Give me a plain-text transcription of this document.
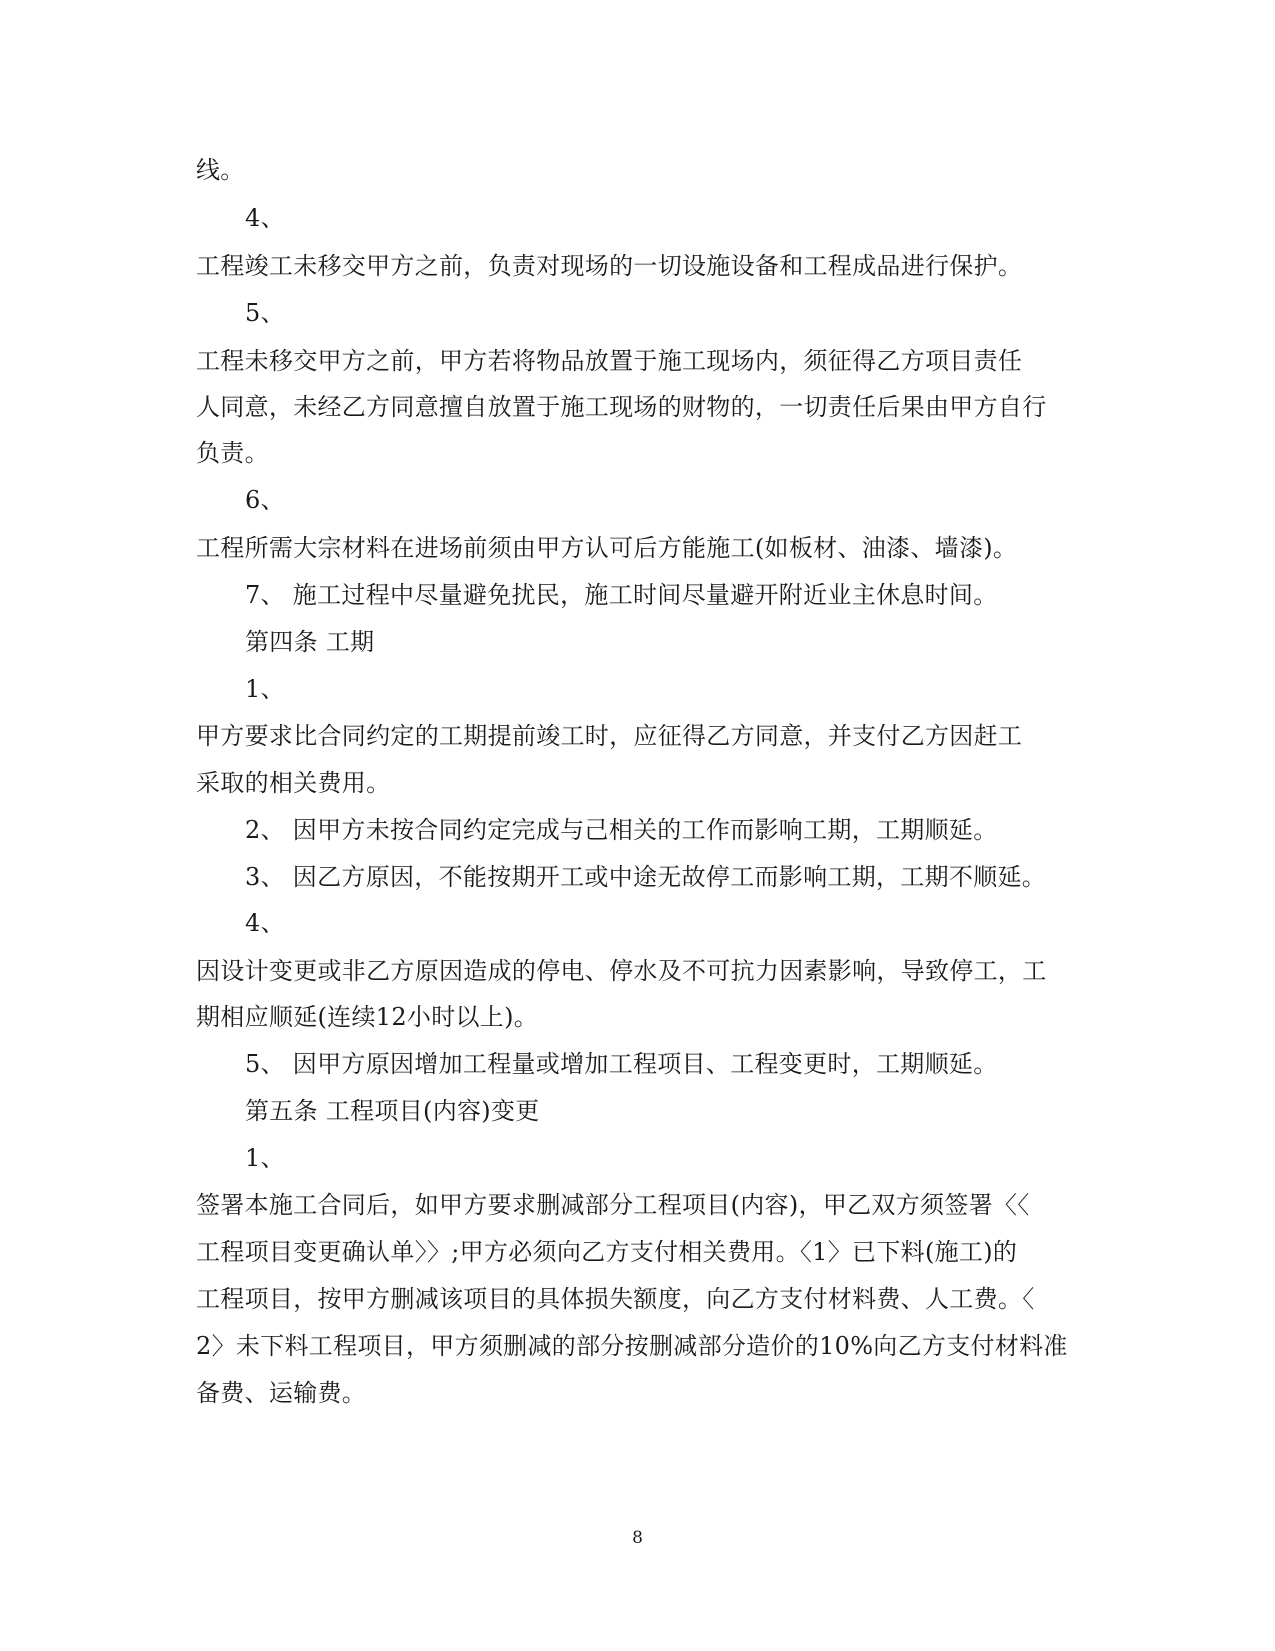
线。
4、
工程竣工未移交甲方之前，负责对现场的一切设施设备和工程成品进行保护。
5、
工程未移交甲方之前，甲方若将物品放置于施工现场内，须征得乙方项目责任
人同意，未经乙方同意擅自放置于施工现场的财物的，一切责任后果由甲方自行
负责。
6、
工程所需大宗材料在进场前须由甲方认可后方能施工(如板材、油漆、墙漆)。
7、 施工过程中尽量避免扰民，施工时间尽量避开附近业主休息时间。
第四条 工期
1、
甲方要求比合同约定的工期提前竣工时，应征得乙方同意，并支付乙方因赶工
采取的相关费用。
2、 因甲方未按合同约定完成与己相关的工作而影响工期，工期顺延。
3、 因乙方原因，不能按期开工或中途无故停工而影响工期，工期不顺延。
4、
因设计变更或非乙方原因造成的停电、停水及不可抗力因素影响，导致停工，工
期相应顺延(连续12小时以上)。
5、 因甲方原因增加工程量或增加工程项目、工程变更时，工期顺延。
第五条 工程项目(内容)变更
1、
签署本施工合同后，如甲方要求删减部分工程项目(内容)，甲乙双方须签署〈〈
工程项目变更确认单〉〉;甲方必须向乙方支付相关费用。〈1〉已下料(施工)的
工程项目，按甲方删减该项目的具体损失额度，向乙方支付材料费、人工费。〈
2〉未下料工程项目，甲方须删减的部分按删减部分造价的10%向乙方支付材料准
备费、运输费。
8
